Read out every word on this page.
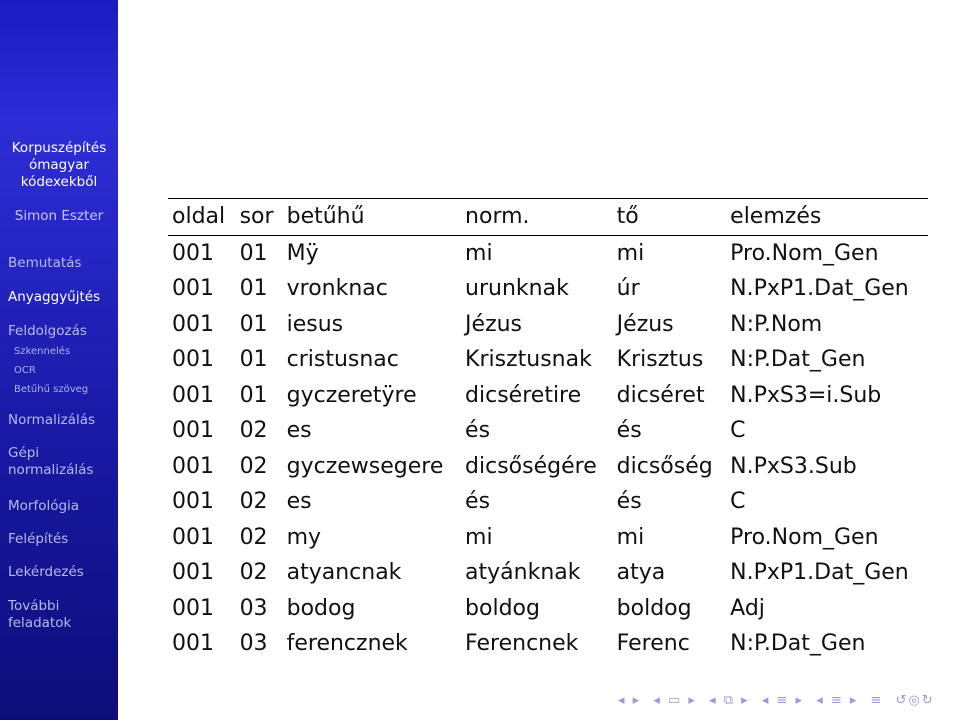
Korpuszépítés
ómagyar
kódexekből
Simon Eszter
Bemutatás
Anyaggyűjtés
Feldolgozás
Szkennelés
OCR
Betűhű szöveg
Normalizálás
Gépi
normalizálás
Morfológia
Felépítés
Lekérdezés
További
feladatok
oldal	sor	betűhű	norm.	tő	elemzés
001	01	Mÿ	mi	mi	Pro.Nom_Gen
001	01	vronknac	urunknak	úr	N.PxP1.Dat_Gen
001	01	iesus	Jézus	Jézus	N:P.Nom
001	01	cristusnac	Krisztusnak	Krisztus	N:P.Dat_Gen
001	01	gyczeretÿre	dicséretire	dicséret	N.PxS3=i.Sub
001	02	es	és	és	C
001	02	gyczewsegere	dicsőségére	dicsőség	N.PxS3.Sub
001	02	es	és	és	C
001	02	my	mi	mi	Pro.Nom_Gen
001	02	atyancnak	atyánknak	atya	N.PxP1.Dat_Gen
001	03	bodog	boldog	boldog	Adj
001	03	ferencznek	Ferencnek	Ferenc	N:P.Dat_Gen
◂ ▸ ◂ ▭ ▸ ◂ ⧉ ▸ ◂ ≡ ▸ ◂ ≡ ▸ ≡ ↺◎↻
